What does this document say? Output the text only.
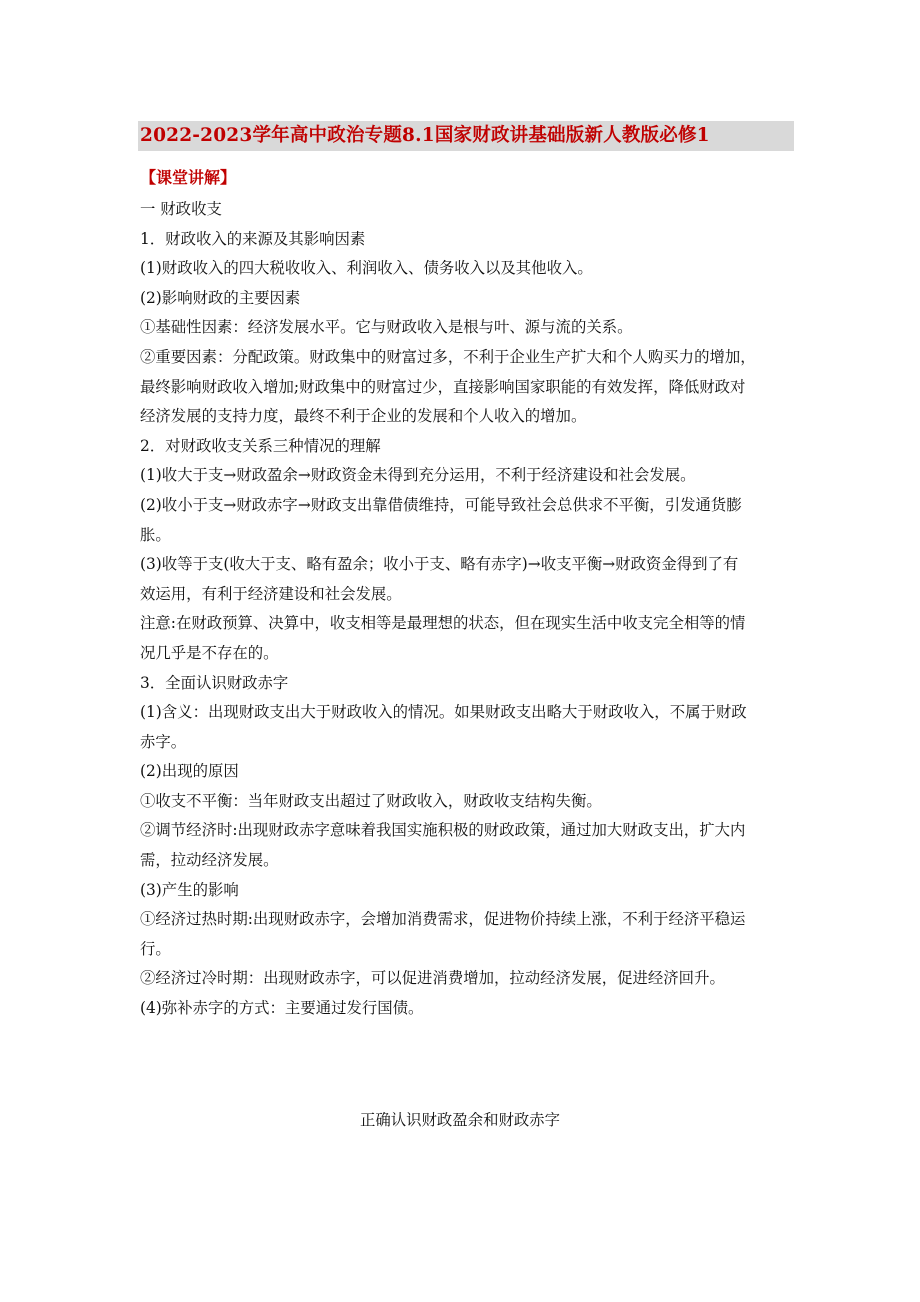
2022-2023学年高中政治专题8.1国家财政讲基础版新人教版必修1
【课堂讲解】

一 财政收支

1．财政收入的来源及其影响因素

(1)财政收入的四大税收收入、利润收入、债务收入以及其他收入。

(2)影响财政的主要因素

①基础性因素：经济发展水平。它与财政收入是根与叶、源与流的关系。

②重要因素：分配政策。财政集中的财富过多，不利于企业生产扩大和个人购买力的增加，

最终影响财政收入增加;财政集中的财富过少，直接影响国家职能的有效发挥，降低财政对

经济发展的支持力度，最终不利于企业的发展和个人收入的增加。

2．对财政收支关系三种情况的理解

(1)收大于支→财政盈余→财政资金未得到充分运用，不利于经济建设和社会发展。

(2)收小于支→财政赤字→财政支出靠借债维持，可能导致社会总供求不平衡，引发通货膨

胀。

(3)收等于支(收大于支、略有盈余；收小于支、略有赤字)→收支平衡→财政资金得到了有

效运用，有利于经济建设和社会发展。

注意:在财政预算、决算中，收支相等是最理想的状态，但在现实生活中收支完全相等的情

况几乎是不存在的。

3．全面认识财政赤字

(1)含义：出现财政支出大于财政收入的情况。如果财政支出略大于财政收入，不属于财政

赤字。

(2)出现的原因

①收支不平衡：当年财政支出超过了财政收入，财政收支结构失衡。

②调节经济时:出现财政赤字意味着我国实施积极的财政政策，通过加大财政支出，扩大内

需，拉动经济发展。

(3)产生的影响

①经济过热时期:出现财政赤字，会增加消费需求，促进物价持续上涨，不利于经济平稳运

行。

②经济过冷时期：出现财政赤字，可以促进消费增加，拉动经济发展，促进经济回升。

(4)弥补赤字的方式：主要通过发行国债。

正确认识财政盈余和财政赤字
